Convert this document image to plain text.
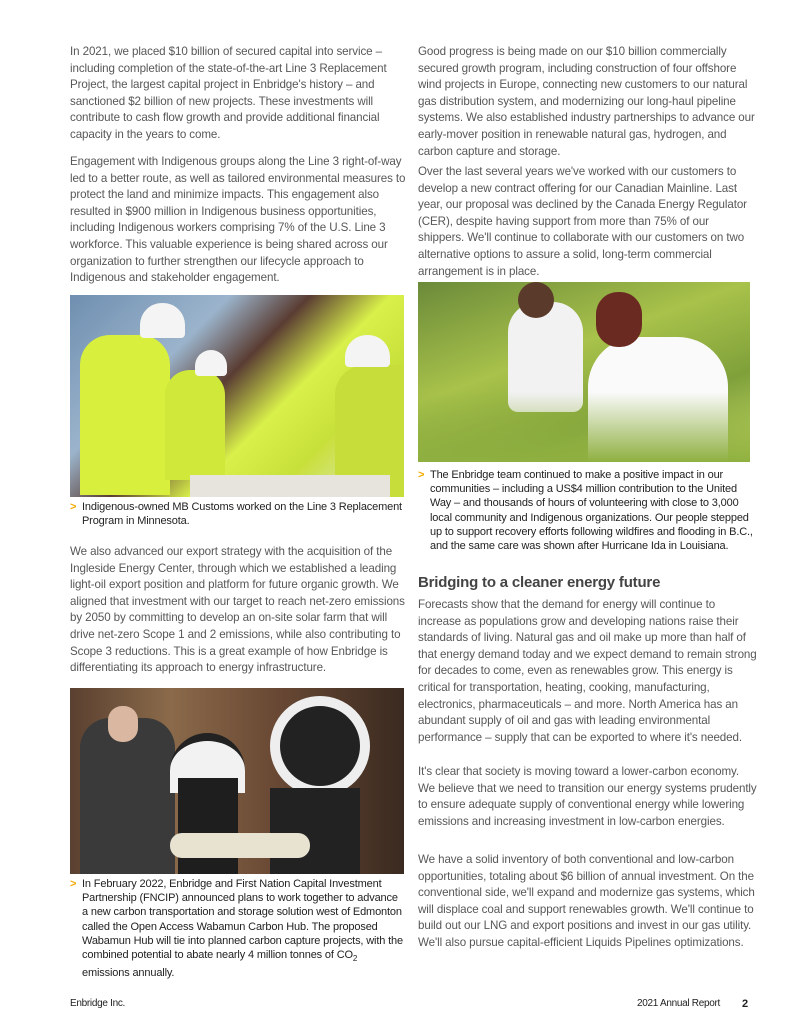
In 2021, we placed $10 billion of secured capital into service – including completion of the state-of-the-art Line 3 Replacement Project, the largest capital project in Enbridge's history – and sanctioned $2 billion of new projects. These investments will contribute to cash flow growth and provide additional financial capacity in the years to come.
Engagement with Indigenous groups along the Line 3 right-of-way led to a better route, as well as tailored environmental measures to protect the land and minimize impacts. This engagement also resulted in $900 million in Indigenous business opportunities, including Indigenous workers comprising 7% of the U.S. Line 3 workforce. This valuable experience is being shared across our organization to further strengthen our lifecycle approach to Indigenous and stakeholder engagement.
> Indigenous-owned MB Customs worked on the Line 3 Replacement Program in Minnesota.
We also advanced our export strategy with the acquisition of the Ingleside Energy Center, through which we established a leading light-oil export position and platform for future organic growth. We aligned that investment with our target to reach net-zero emissions by 2050 by committing to develop an on-site solar farm that will drive net-zero Scope 1 and 2 emissions, while also contributing to Scope 3 reductions. This is a great example of how Enbridge is differentiating its approach to energy infrastructure.
> In February 2022, Enbridge and First Nation Capital Investment Partnership (FNCIP) announced plans to work together to advance a new carbon transportation and storage solution west of Edmonton called the Open Access Wabamun Carbon Hub. The proposed Wabamun Hub will tie into planned carbon capture projects, with the combined potential to abate nearly 4 million tonnes of $CO_2$ emissions annually.
Good progress is being made on our $10 billion commercially secured growth program, including construction of four offshore wind projects in Europe, connecting new customers to our natural gas distribution system, and modernizing our long-haul pipeline systems. We also established industry partnerships to advance our early-mover position in renewable natural gas, hydrogen, and carbon capture and storage.
Over the last several years we've worked with our customers to develop a new contract offering for our Canadian Mainline. Last year, our proposal was declined by the Canada Energy Regulator (CER), despite having support from more than 75% of our shippers. We'll continue to collaborate with our customers on two alternative options to assure a solid, long-term commercial arrangement is in place.
> The Enbridge team continued to make a positive impact in our communities – including a US$4 million contribution to the United Way – and thousands of hours of volunteering with close to 3,000 local community and Indigenous organizations. Our people stepped up to support recovery efforts following wildfires and flooding in B.C., and the same care was shown after Hurricane Ida in Louisiana.
Bridging to a cleaner energy future
Forecasts show that the demand for energy will continue to increase as populations grow and developing nations raise their standards of living. Natural gas and oil make up more than half of that energy demand today and we expect demand to remain strong for decades to come, even as renewables grow. This energy is critical for transportation, heating, cooking, manufacturing, electronics, pharmaceuticals – and more. North America has an abundant supply of oil and gas with leading environmental performance – supply that can be exported to where it's needed.
It's clear that society is moving toward a lower-carbon economy. We believe that we need to transition our energy systems prudently to ensure adequate supply of conventional energy while lowering emissions and increasing investment in low-carbon energies.
We have a solid inventory of both conventional and low-carbon opportunities, totaling about $6 billion of annual investment. On the conventional side, we'll expand and modernize gas systems, which will displace coal and support renewables growth. We'll continue to build out our LNG and export positions and invest in our gas utility. We'll also pursue capital-efficient Liquids Pipelines optimizations.
Enbridge Inc.	2021 Annual Report 2
